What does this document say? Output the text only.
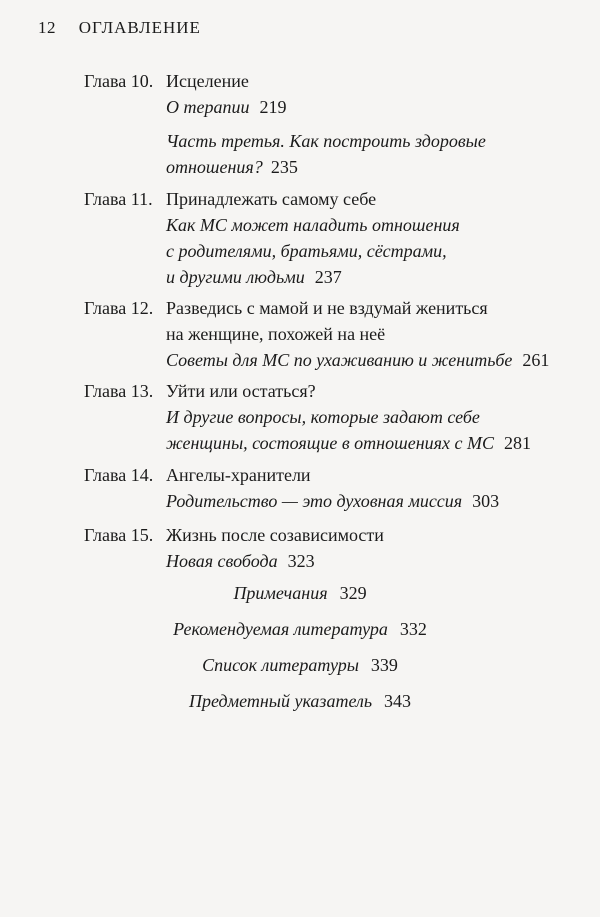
12 ОГЛАВЛЕНИЕ
Глава 10. Исцеление
О терапии 219
Часть третья. Как построить здоровые
отношения? 235
Глава 11. Принадлежать самому себе
Как МС может наладить отношения
с родителями, братьями, сёстрами,
и другими людьми 237
Глава 12. Разведись с мамой и не вздумай жениться
на женщине, похожей на неё
Советы для МС по ухаживанию и женитьбе 261
Глава 13. Уйти или остаться?
И другие вопросы, которые задают себе
женщины, состоящие в отношениях с МС 281
Глава 14. Ангелы-хранители
Родительство — это духовная миссия 303
Глава 15. Жизнь после созависимости
Новая свобода 323
Примечания 329
Рекомендуемая литература 332
Список литературы 339
Предметный указатель 343
